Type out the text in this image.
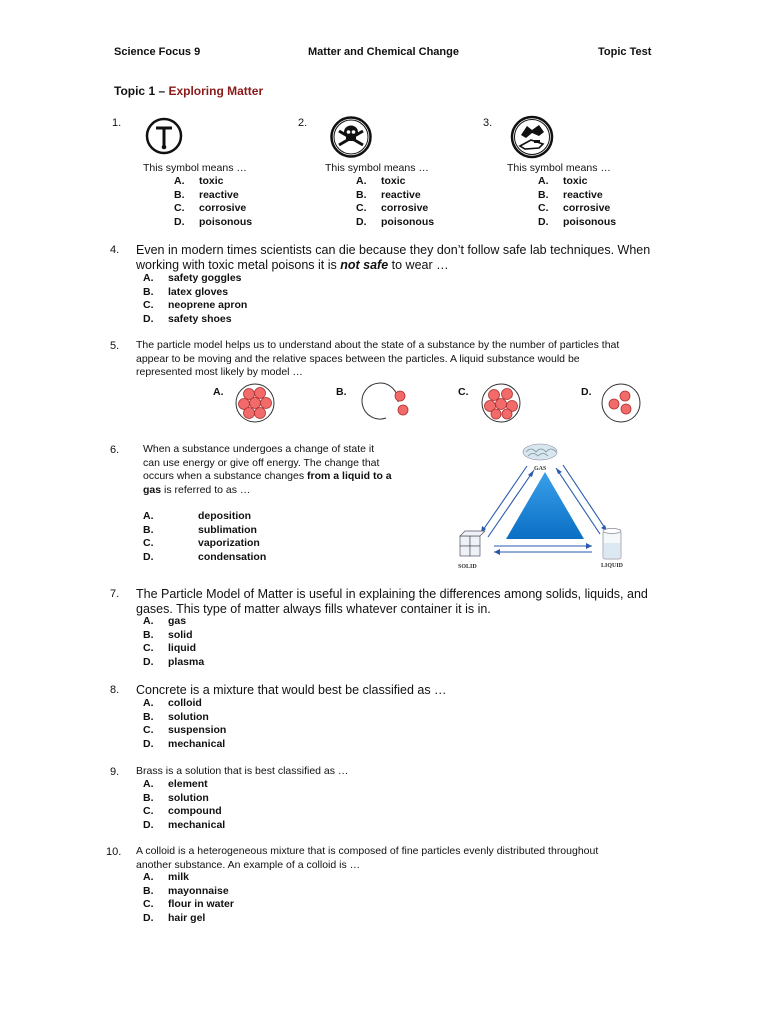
Science Focus 9	Matter and Chemical Change	Topic Test
Topic 1 – Exploring Matter
1.	2.	3.
This symbol means …	This symbol means …	This symbol means …
A.	toxic
B.	reactive
C.	corrosive
D.	poisonous
A.	toxic
B.	reactive
C.	corrosive
D.	poisonous
A.	toxic
B.	reactive
C.	corrosive
D.	poisonous
4. Even in modern times scientists can die because they don’t follow safe lab techniques. When
working with toxic metal poisons it is not safe to wear …
A.	safety goggles
B.	latex gloves
C.	neoprene apron
D.	safety shoes
5. The particle model helps us to understand about the state of a substance by the number of particles that
appear to be moving and the relative spaces between the particles. A liquid substance would be
represented most likely by model …
A.	B.	C.	D.
6. When a substance undergoes a change of state it
can use energy or give off energy. The change that
occurs when a substance changes from a liquid to a
gas is referred to as …
A.	deposition
B.	sublimation
C.	vaporization
D.	condensation
GAS
SOLID	LIQUID
7. The Particle Model of Matter is useful in explaining the differences among solids, liquids, and
gases. This type of matter always fills whatever container it is in.
A.	gas
B.	solid
C.	liquid
D.	plasma
8. Concrete is a mixture that would best be classified as …
A.	colloid
B.	solution
C.	suspension
D.	mechanical
9. Brass is a solution that is best classified as …
A.	element
B.	solution
C.	compound
D.	mechanical
10. A colloid is a heterogeneous mixture that is composed of fine particles evenly distributed throughout
another substance. An example of a colloid is …
A.	milk
B.	mayonnaise
C.	flour in water
D.	hair gel
